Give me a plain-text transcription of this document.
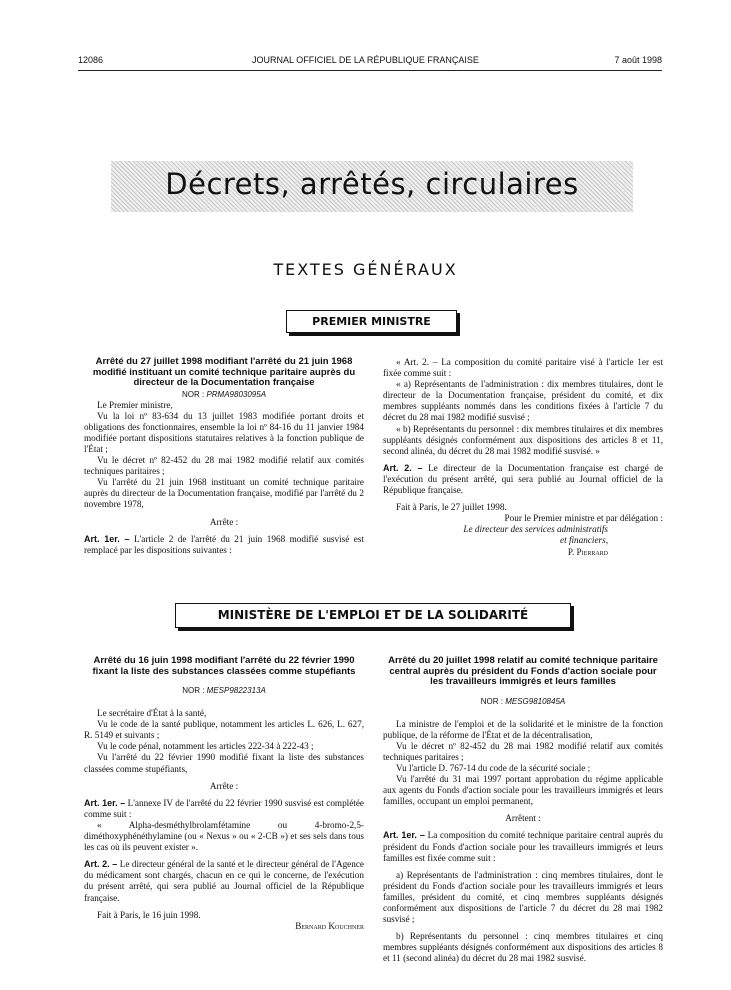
12086	JOURNAL OFFICIEL DE LA RÉPUBLIQUE FRANÇAISE	7 août 1998
Décrets, arrêtés, circulaires
TEXTES GÉNÉRAUX
PREMIER MINISTRE

Arrêté du 27 juillet 1998 modifiant l'arrêté du 21 juin 1968 modifié instituant un comité technique paritaire auprès du directeur de la Documentation française

NOR : PRMA9803095A

Le Premier ministre,

Vu la loi nº 83-634 du 13 juillet 1983 modifiée portant droits et obligations des fonctionnaires, ensemble la loi nº 84-16 du 11 janvier 1984 modifiée portant dispositions statutaires relatives à la fonction publique de l'État ;

Vu le décret nº 82-452 du 28 mai 1982 modifié relatif aux comités techniques paritaires ;

Vu l'arrêté du 21 juin 1968 instituant un comité technique paritaire auprès du directeur de la Documentation française, modifié par l'arrêté du 2 novembre 1978,

Arrête :

Art. 1er. – L'article 2 de l'arrêté du 21 juin 1968 modifié susvisé est remplacé par les dispositions suivantes :

« Art. 2. – La composition du comité paritaire visé à l'article 1er est fixée comme suit :

« a) Représentants de l'administration : dix membres titulaires, dont le directeur de la Documentation française, président du comité, et dix membres suppléants nommés dans les conditions fixées à l'article 7 du décret du 28 mai 1982 modifié susvisé ;

« b) Représentants du personnel : dix membres titulaires et dix membres suppléants désignés conformément aux dispositions des articles 8 et 11, second alinéa, du décret du 28 mai 1982 modifié susvisé. »

Art. 2. – Le directeur de la Documentation française est chargé de l'exécution du présent arrêté, qui sera publié au Journal officiel de la République française.

Fait à Paris, le 27 juillet 1998.

Pour le Premier ministre et par délégation :

Le directeur des services administratifs

et financiers,

P. Pierrard

MINISTÈRE DE L'EMPLOI ET DE LA SOLIDARITÉ

Arrêté du 16 juin 1998 modifiant l'arrêté du 22 février 1990 fixant la liste des substances classées comme stupéfiants

NOR : MESP9822313A

Le secrétaire d'État à la santé,

Vu le code de la santé publique, notamment les articles L. 626, L. 627, R. 5149 et suivants ;

Vu le code pénal, notamment les articles 222-34 à 222-43 ;

Vu l'arrêté du 22 février 1990 modifié fixant la liste des substances classées comme stupéfiants,

Arrête :

Art. 1er. – L'annexe IV de l'arrêté du 22 février 1990 susvisé est complétée comme suit :

« Alpha-desméthylbrolamfétamine ou 4-bromo-2,5-diméthoxyphénéthylamine (ou « Nexus » ou « 2-CB ») et ses sels dans tous les cas où ils peuvent exister ».

Art. 2. – Le directeur général de la santé et le directeur général de l'Agence du médicament sont chargés, chacun en ce qui le concerne, de l'exécution du présent arrêté, qui sera publié au Journal officiel de la République française.

Fait à Paris, le 16 juin 1998.

Bernard Kouchner

Arrêté du 20 juillet 1998 relatif au comité technique paritaire central auprès du président du Fonds d'action sociale pour les travailleurs immigrés et leurs familles

NOR : MESG9810845A

La ministre de l'emploi et de la solidarité et le ministre de la fonction publique, de la réforme de l'État et de la décentralisation,

Vu le décret nº 82-452 du 28 mai 1982 modifié relatif aux comités techniques paritaires ;

Vu l'article D. 767-14 du code de la sécurité sociale ;

Vu l'arrêté du 31 mai 1997 portant approbation du régime applicable aux agents du Fonds d'action sociale pour les travailleurs immigrés et leurs familles, occupant un emploi permanent,

Arrêtent :

Art. 1er. – La composition du comité technique paritaire central auprès du président du Fonds d'action sociale pour les travailleurs immigrés et leurs familles est fixée comme suit :

a) Représentants de l'administration : cinq membres titulaires, dont le président du Fonds d'action sociale pour les travailleurs immigrés et leurs familles, président du comité, et cinq membres suppléants désignés conformément aux dispositions de l'article 7 du décret du 28 mai 1982 susvisé ;

b) Représentants du personnel : cinq membres titulaires et cinq membres suppléants désignés conformément aux dispositions des articles 8 et 11 (second alinéa) du décret du 28 mai 1982 susvisé.
